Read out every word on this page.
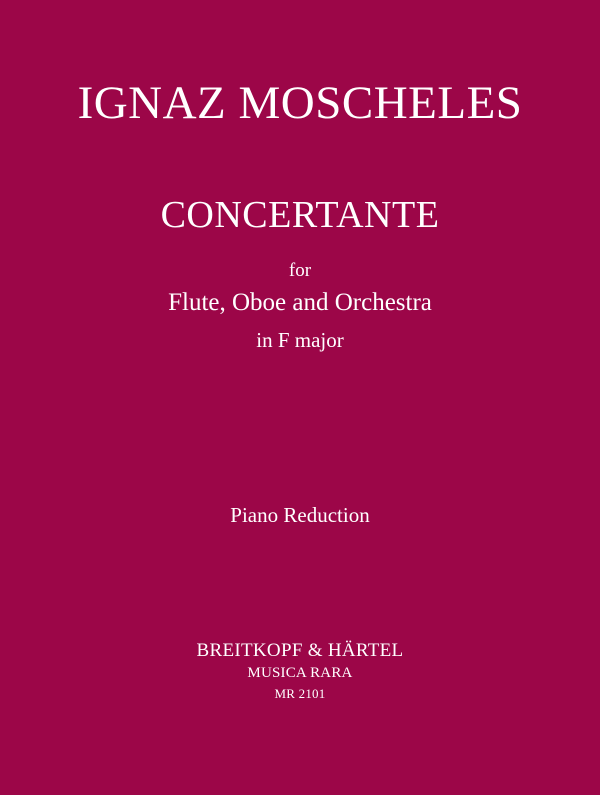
IGNAZ MOSCHELES
CONCERTANTE
for
Flute, Oboe and Orchestra
in F major
Piano Reduction
BREITKOPF & HÄRTEL
MUSICA RARA
MR 2101
